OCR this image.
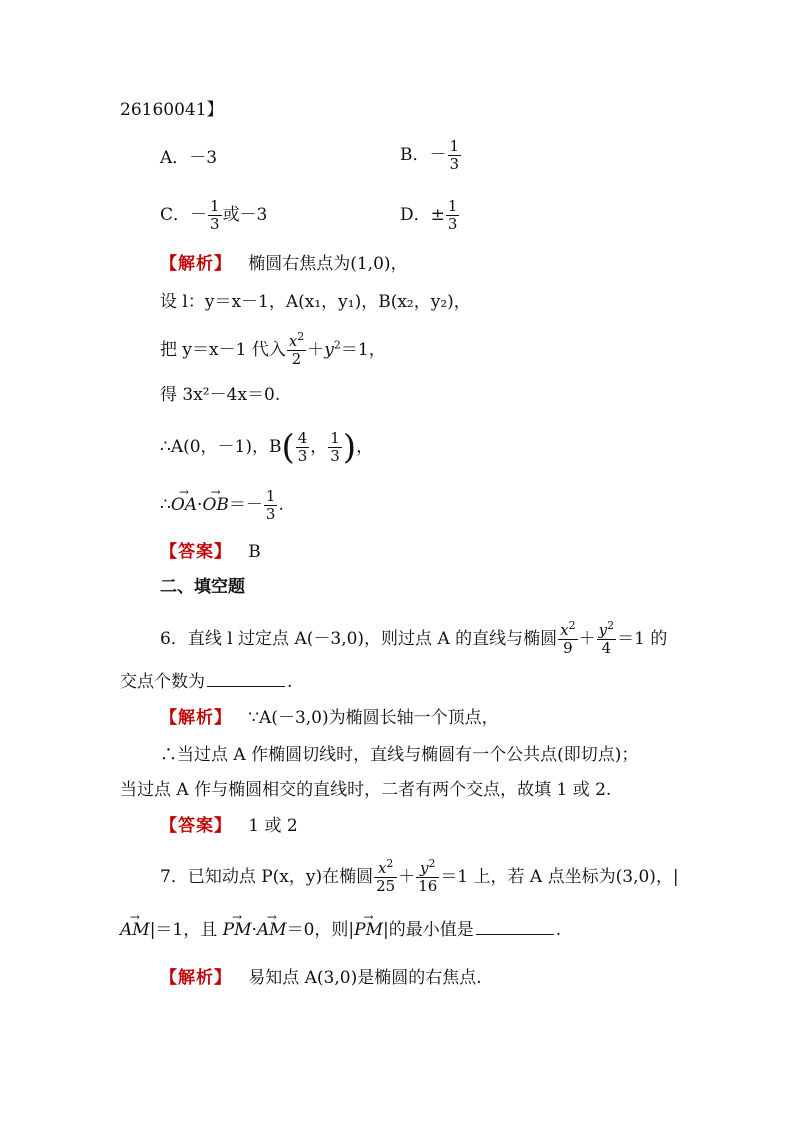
26160041】
A．－3	B．－ $\frac{1}{3}$
C．－ $\frac{1}{3}$ 或－3	D．± $\frac{1}{3}$
【解析】 椭圆右焦点为(1,0)，
设 l：y＝x－1，A(x₁，y₁)，B(x₂，y₂)，
把 y＝x－1 代入 $\frac{x^2}{2} +y^2=1$，
得 3x²－4x＝0.
∴A(0，－1)，$B( \frac{4}{3}$ ， $\frac{1}{3}$ )，
∴→ $OA\cdot\to OB=- \frac{1}{3}$ .
【答案】 B
二、填空题
6．直线 l 过定点 A(－3,0)，则过点 A 的直线与椭圆 $\frac{x^2}{9} + \frac{y^2}{4} =1$ 的
交点个数为	.
【解析】 ∵A(－3,0)为椭圆长轴一个顶点，
∴当过点 A 作椭圆切线时，直线与椭圆有一个公共点(即切点)；
当过点 A 作与椭圆相交的直线时，二者有两个交点，故填 1 或 2.
【答案】 1 或 2
7．已知动点 P(x，y)在椭圆 $\frac{x^2}{25} + \frac{y^2}{16} =1$ 上，若 A 点坐标为(3,0)，|
→ AM|＝1，且 → PM·→ AM＝0，则|→ PM|的最小值是	.
【解析】 易知点 A(3,0)是椭圆的右焦点.
